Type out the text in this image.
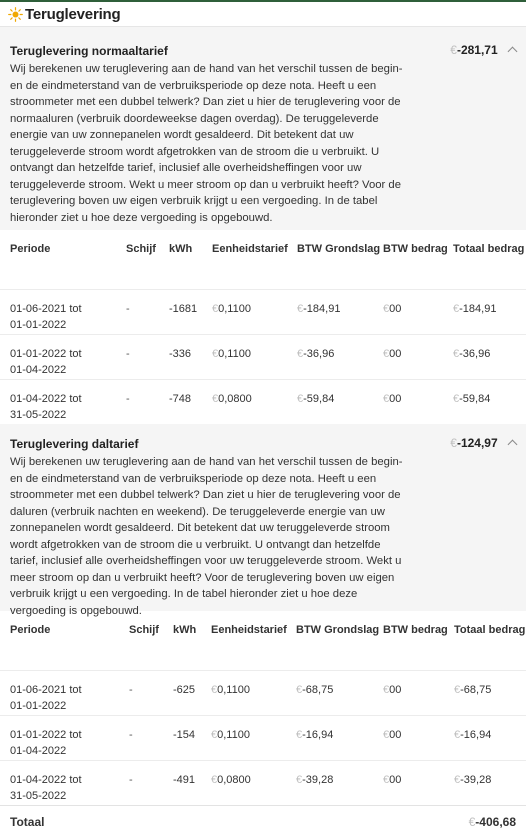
Teruglevering

Teruglevering normaaltarief	€-281,71
Wij berekenen uw teruglevering aan de hand van het verschil tussen de begin- en de eindmeterstand van de verbruiksperiode op deze nota. Heeft u een stroommeter met een dubbel telwerk? Dan ziet u hier de teruglevering voor de normaaluren (verbruik doordeweekse dagen overdag). De teruggeleverde energie van uw zonnepanelen wordt gesaldeerd. Dit betekent dat uw teruggeleverde stroom wordt afgetrokken van de stroom die u verbruikt. U ontvangt dan hetzelfde tarief, inclusief alle overheidsheffingen voor uw teruggeleverde stroom. Wekt u meer stroom op dan u verbruikt heeft? Voor de teruglevering boven uw eigen verbruik krijgt u een vergoeding. In de tabel hieronder ziet u hoe deze vergoeding is opgebouwd.
Periode	Schijf	kWh	Eenheidstarief	BTW Grondslag	BTW bedrag	Totaal bedrag
01-06-2021 tot
01-01-2022	-	-1681	€0,1100	€-184,91	€00	€-184,91
01-01-2022 tot
01-04-2022	-	-336	€0,1100	€-36,96	€00	€-36,96
01-04-2022 tot
31-05-2022	-	-748	€0,0800	€-59,84	€00	€-59,84

Teruglevering daltarief	€-124,97
Wij berekenen uw teruglevering aan de hand van het verschil tussen de begin- en de eindmeterstand van de verbruiksperiode op deze nota. Heeft u een stroommeter met een dubbel telwerk? Dan ziet u hier de teruglevering voor de daluren (verbruik nachten en weekend). De teruggeleverde energie van uw zonnepanelen wordt gesaldeerd. Dit betekent dat uw teruggeleverde stroom wordt afgetrokken van de stroom die u verbruikt. U ontvangt dan hetzelfde tarief, inclusief alle overheidsheffingen voor uw teruggeleverde stroom. Wekt u meer stroom op dan u verbruikt heeft? Voor de teruglevering boven uw eigen verbruik krijgt u een vergoeding. In de tabel hieronder ziet u hoe deze vergoeding is opgebouwd.
Periode	Schijf	kWh	Eenheidstarief	BTW Grondslag	BTW bedrag	Totaal bedrag
01-06-2021 tot
01-01-2022	-	-625	€0,1100	€-68,75	€00	€-68,75
01-01-2022 tot
01-04-2022	-	-154	€0,1100	€-16,94	€00	€-16,94
01-04-2022 tot
31-05-2022	-	-491	€0,0800	€-39,28	€00	€-39,28
Totaal	€-406,68
